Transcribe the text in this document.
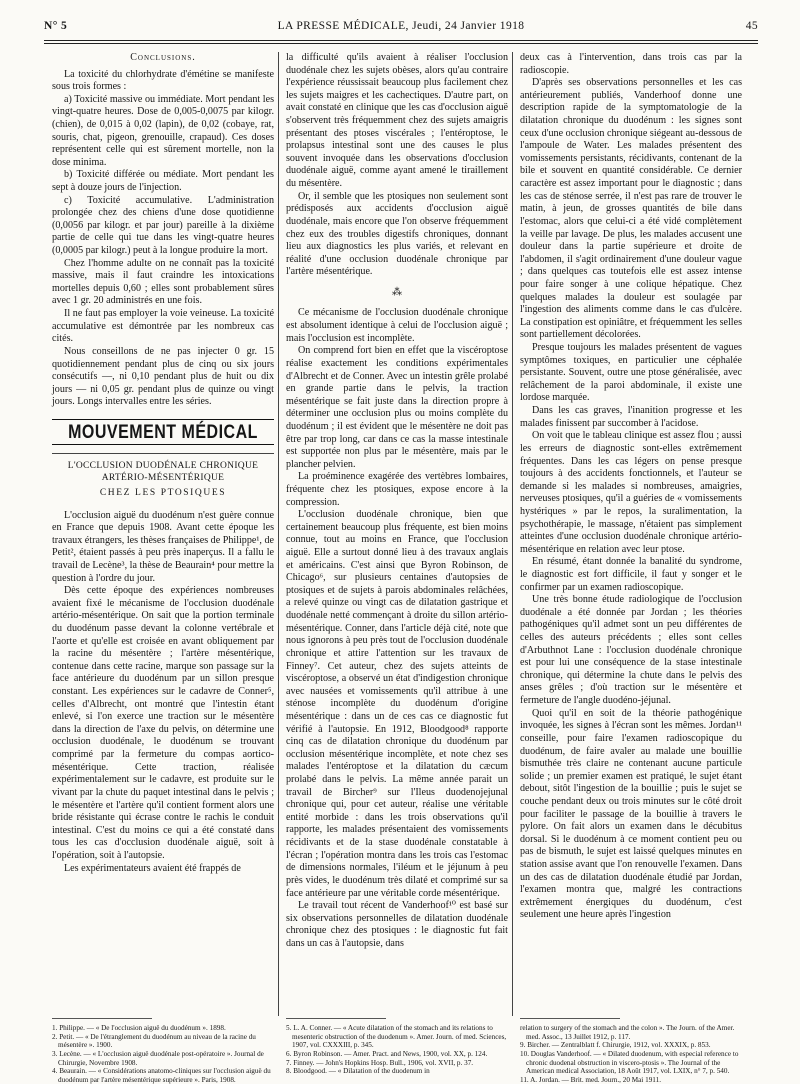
N° 5	LA PRESSE MÉDICALE, Jeudi, 24 Janvier 1918	45
Conclusions.

La toxicité du chlorhydrate d'émétine se manifeste sous trois formes :

a) Toxicité massive ou immédiate. Mort pendant les vingt-quatre heures. Dose de 0,005-0,0075 par kilogr. (chien), de 0,015 à 0,02 (lapin), de 0,02 (cobaye, rat, souris, chat, pigeon, grenouille, crapaud). Ces doses représentent celle qui est sûrement mortelle, non la dose minima.

b) Toxicité différée ou médiate. Mort pendant les sept à douze jours de l'injection.

c) Toxicité accumulative. L'administration prolongée chez des chiens d'une dose quotidienne (0,0056 par kilogr. et par jour) pareille à la dixième partie de celle qui tue dans les vingt-quatre heures (0,0005 par kilogr.) peut à la longue produire la mort.

Chez l'homme adulte on ne connaît pas la toxicité massive, mais il faut craindre les intoxications mortelles depuis 0,60 ; elles sont probablement sûres avec 1 gr. 20 administrés en une fois.

Il ne faut pas employer la voie veineuse. La toxicité accumulative est démontrée par les nombreux cas cités.

Nous conseillons de ne pas injecter 0 gr. 15 quotidiennement pendant plus de cinq ou six jours consécutifs —, ni 0,10 pendant plus de huit ou dix jours — ni 0,05 gr. pendant plus de quinze ou vingt jours. Longs intervalles entre les séries.

MOUVEMENT MÉDICAL
L'OCCLUSION DUODÉNALE CHRONIQUE ARTÉRIO-MÉSENTÉRIQUE
CHEZ LES PTOSIQUES

L'occlusion aiguë du duodénum n'est guère connue en France que depuis 1908. Avant cette époque les travaux étrangers, les thèses françaises de Philippe¹, de Petit², étaient passés à peu près inaperçus. Il a fallu le travail de Lecène³, la thèse de Beaurain⁴ pour mettre la question à l'ordre du jour.

Dès cette époque des expériences nombreuses avaient fixé le mécanisme de l'occlusion duodénale artério-mésentérique. On sait que la portion terminale du duodénum passe devant la colonne vertébrale et l'aorte et qu'elle est croisée en avant obliquement par la racine du mésentère ; l'artère mésentérique, contenue dans cette racine, marque son passage sur la face antérieure du duodénum par un sillon presque constant. Les expériences sur le cadavre de Conner⁵, celles d'Albrecht, ont montré que l'intestin étant enlevé, si l'on exerce une traction sur le mésentère dans la direction de l'axe du pelvis, on détermine une occlusion duodénale, le duodénum se trouvant comprimé par la fermeture du compas aortico-mésentérique. Cette traction, réalisée expérimentalement sur le cadavre, est produite sur le vivant par la chute du paquet intestinal dans le pelvis ; le mésentère et l'artère qu'il contient forment alors une bride résistante qui écrase contre le rachis le conduit intestinal. C'est du moins ce qui a été constaté dans tous les cas d'occlusion duodénale aiguë, soit à l'opération, soit à l'autopsie.

Les expérimentateurs avaient été frappés de

la difficulté qu'ils avaient à réaliser l'occlusion duodénale chez les sujets obèses, alors qu'au contraire l'expérience réussissait beaucoup plus facilement chez les sujets maigres et les cachectiques. D'autre part, on avait constaté en clinique que les cas d'occlusion aiguë s'observent très fréquemment chez des sujets amaigris présentant des ptoses viscérales ; l'entéroptose, le prolapsus intestinal sont une des causes le plus souvent invoquée dans les observations d'occlusion duodénale aiguë, comme ayant amené le tiraillement du mésentère.

Or, il semble que les ptosiques non seulement sont prédisposés aux accidents d'occlusion aiguë duodénale, mais encore que l'on observe fréquemment chez eux des troubles digestifs chroniques, donnant lieu aux diagnostics les plus variés, et relevant en réalité d'une occlusion duodénale chronique par l'artère mésentérique.

⁂

Ce mécanisme de l'occlusion duodénale chronique est absolument identique à celui de l'occlusion aiguë ; mais l'occlusion est incomplète.

On comprend fort bien en effet que la viscéroptose réalise exactement les conditions expérimentales d'Albrecht et de Conner. Avec un intestin grêle prolabé en grande partie dans le pelvis, la traction mésentérique se fait juste dans la direction propre à déterminer une occlusion plus ou moins complète du duodénum ; il est évident que le mésentère ne doit pas être par trop long, car dans ce cas la masse intestinale est supportée non plus par le mésentère, mais par le plancher pelvien.

La proéminence exagérée des vertèbres lombaires, fréquente chez les ptosiques, expose encore à la compression.

L'occlusion duodénale chronique, bien que certainement beaucoup plus fréquente, est bien moins connue, tout au moins en France, que l'occlusion aiguë. Elle a surtout donné lieu à des travaux anglais et américains. C'est ainsi que Byron Robinson, de Chicago⁶, sur plusieurs centaines d'autopsies de ptosiques et de sujets à parois abdominales relâchées, a relevé quinze ou vingt cas de dilatation gastrique et duodénale netté commençant à droite du sillon artério-mésentérique. Conner, dans l'article déjà cité, note que nous ignorons à peu près tout de l'occlusion duodénale chronique et attire l'attention sur les travaux de Finney⁷. Cet auteur, chez des sujets atteints de viscéroptose, a observé un état d'indigestion chronique avec nausées et vomissements qu'il attribue à une sténose incomplète du duodénum d'origine mésentérique : dans un de ces cas ce diagnostic fut vérifié à l'autopsie. En 1912, Bloodgood⁸ rapporte cinq cas de dilatation chronique du duodénum par occlusion mésentérique incomplète, et note chez ses malades l'entéroptose et la dilatation du cæcum prolabé dans le pelvis. La même année parait un travail de Bircher⁹ sur l'Ileus duodenojejunal chronique qui, pour cet auteur, réalise une véritable entité morbide : dans les trois observations qu'il rapporte, les malades présentaient des vomissements récidivants et de la stase duodénale constatable à l'écran ; l'opération montra dans les trois cas l'estomac de dimensions normales, l'iléum et le jéjunum à peu près vides, le duodénum très dilaté et comprimé sur sa face antérieure par une véritable corde mésentérique.

Le travail tout récent de Vanderhoof¹⁰ est basé sur six observations personnelles de dilatation duodénale chronique chez des ptosiques : le diagnostic fut fait dans un cas à l'autopsie, dans

deux cas à l'intervention, dans trois cas par la radioscopie.

D'après ses observations personnelles et les cas antérieurement publiés, Vanderhoof donne une description rapide de la symptomatologie de la dilatation chronique du duodénum : les signes sont ceux d'une occlusion chronique siégeant au-dessous de l'ampoule de Water. Les malades présentent des vomissements persistants, récidivants, contenant de la bile et souvent en quantité considérable. Ce dernier caractère est assez important pour le diagnostic ; dans les cas de sténose serrée, il n'est pas rare de trouver le matin, à jeun, de grosses quantités de bile dans l'estomac, alors que celui-ci a été vidé complètement la veille par lavage. De plus, les malades accusent une douleur dans la partie supérieure et droite de l'abdomen, il s'agit ordinairement d'une douleur vague ; dans quelques cas toutefois elle est assez intense pour faire songer à une colique hépatique. Chez quelques malades la douleur est soulagée par l'ingestion des aliments comme dans le cas d'ulcère. La constipation est opiniâtre, et fréquemment les selles sont partiellement décolorées.

Presque toujours les malades présentent de vagues symptômes toxiques, en particulier une céphalée persistante. Souvent, outre une ptose généralisée, avec relâchement de la paroi abdominale, il existe une lordose marquée.

Dans les cas graves, l'inanition progresse et les malades finissent par succomber à l'acidose.

On voit que le tableau clinique est assez flou ; aussi les erreurs de diagnostic sont-elles extrêmement fréquentes. Dans les cas légers on pense presque toujours à des accidents fonctionnels, et l'auteur se demande si les malades si nombreuses, amaigries, nerveuses ptosiques, qu'il a guéries de « vomissements hystériques » par le repos, la suralimentation, la psychothérapie, le massage, n'étaient pas simplement atteintes d'une occlusion duodénale chronique artério-mésentérique en relation avec leur ptose.

En résumé, étant donnée la banalité du syndrome, le diagnostic est fort difficile, il faut y songer et le confirmer par un examen radioscopique.

Une très bonne étude radiologique de l'occlusion duodénale a été donnée par Jordan ; les théories pathogéniques qu'il admet sont un peu différentes de celles des auteurs précédents ; elles sont celles d'Arbuthnot Lane : l'occlusion duodénale chronique est pour lui une conséquence de la stase intestinale chronique, qui détermine la chute dans le pelvis des anses grêles ; d'où traction sur le mésentère et fermeture de l'angle duodéno-jéjunal.

Quoi qu'il en soit de la théorie pathogénique invoquée, les signes à l'écran sont les mêmes. Jordan¹¹ conseille, pour faire l'examen radioscopique du duodénum, de faire avaler au malade une bouillie bismuthée très claire ne contenant aucune particule solide ; un premier examen est pratiqué, le sujet étant debout, sitôt l'ingestion de la bouillie ; puis le sujet se couche pendant deux ou trois minutes sur le côté droit pour faciliter le passage de la bouillie à travers le pylore. On fait alors un examen dans le décubitus dorsal. Si le duodénum à ce moment contient peu ou pas de bismuth, le sujet est laissé quelques minutes en station assise avant que l'on renouvelle l'examen. Dans un des cas de dilatation duodénale étudié par Jordan, l'examen montra que, malgré les contractions extrêmement énergiques du duodénum, c'est seulement une heure après l'ingestion

1. Philippe. — « De l'occlusion aiguë du duodénum ». 1898.
2. Petit. — « De l'étranglement du duodénum au niveau de la racine du mésentère ». 1900.
3. Lecène. — « L'occlusion aiguë duodénale post-opératoire ». Journal de Chirurgie, Novembre 1908.
4. Beaurain. — « Considérations anatomo-cliniques sur l'occlusion aiguë du duodénum par l'artère mésentérique supérieure ». Paris, 1908.
5. L. A. Conner. — « Acute dilatation of the stomach and its relations to mesenteric obstruction of the duodenum ». Amer. Journ. of med. Sciences, 1907, vol. CXXXIII, p. 345.
6. Byron Robinson. — Amer. Pract. and News, 1900, vol. XX, p. 124.
7. Finney. — John's Hopkins Hosp. Bull., 1906, vol. XVII, p. 37.
8. Bloodgood. — « Dilatation of the duodenum in
relation to surgery of the stomach and the colon ». The Journ. of the Amer. med. Assoc., 13 Juillet 1912, p. 117.
9. Bircher. — Zentralblatt f. Chirurgie, 1912, vol. XXXIX, p. 853.
10. Douglas Vanderhoof. — « Dilated duodenum, with especial reference to chronic duodenal obstruction in viscero-ptosis ». The Journal of the American medical Association, 18 Août 1917, vol. LXIX, n° 7, p. 540.
11. A. Jordan. — Brit. med. Journ., 20 Mai 1911.
